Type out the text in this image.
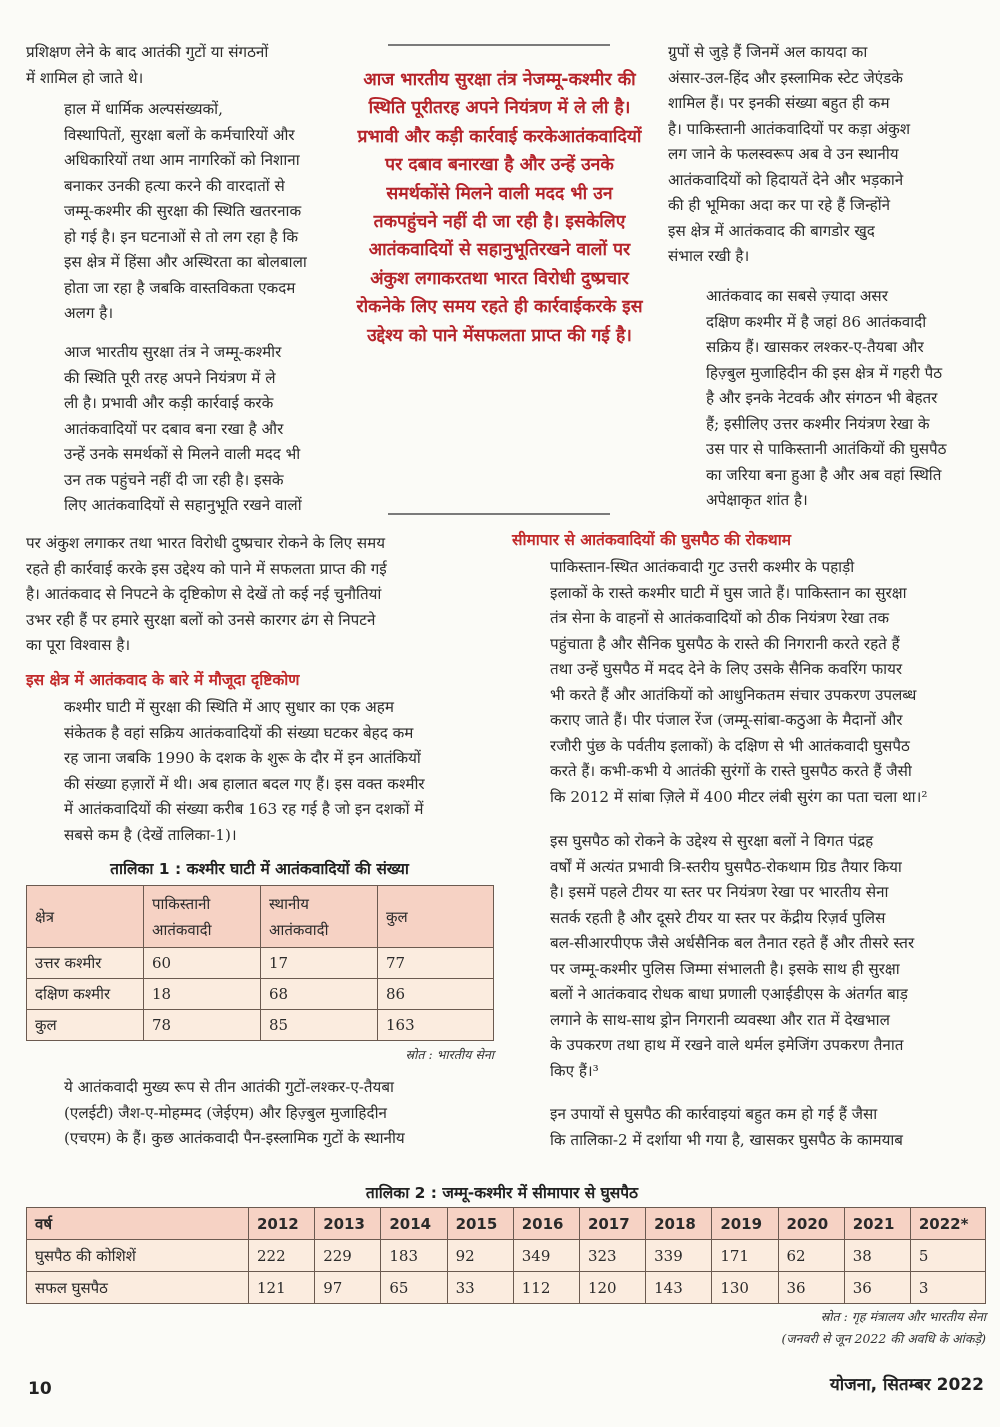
प्रशिक्षण लेने के बाद आतंकी गुटों या संगठनों
में शामिल हो जाते थे।
हाल में धार्मिक अल्पसंख्यकों,
विस्थापितों, सुरक्षा बलों के कर्मचारियों और
अधिकारियों तथा आम नागरिकों को निशाना
बनाकर उनकी हत्या करने की वारदातों से
जम्मू-कश्मीर की सुरक्षा की स्थिति खतरनाक
हो गई है। इन घटनाओं से तो लग रहा है कि
इस क्षेत्र में हिंसा और अस्थिरता का बोलबाला
होता जा रहा है जबकि वास्तविकता एकदम
अलग है।
आज भारतीय सुरक्षा तंत्र ने जम्मू-कश्मीर
की स्थिति पूरी तरह अपने नियंत्रण में ले
ली है। प्रभावी और कड़ी कार्रवाई करके
आतंकवादियों पर दबाव बना रखा है और
उन्हें उनके समर्थकों से मिलने वाली मदद भी
उन तक पहुंचने नहीं दी जा रही है। इसके
लिए आतंकवादियों से सहानुभूति रखने वालों
पर अंकुश लगाकर तथा भारत विरोधी दुष्प्रचार रोकने के लिए समय
रहते ही कार्रवाई करके इस उद्देश्य को पाने में सफलता प्राप्त की गई
है। आतंकवाद से निपटने के दृष्टिकोण से देखें तो कई नई चुनौतियां
उभर रही हैं पर हमारे सुरक्षा बलों को उनसे कारगर ढंग से निपटने
का पूरा विश्वास है।
इस क्षेत्र में आतंकवाद के बारे में मौजूदा दृष्टिकोण
कश्मीर घाटी में सुरक्षा की स्थिति में आए सुधार का एक अहम
संकेतक है वहां सक्रिय आतंकवादियों की संख्या घटकर बेहद कम
रह जाना जबकि 1990 के दशक के शुरू के दौर में इन आतंकियों
की संख्या हज़ारों में थी। अब हालात बदल गए हैं। इस वक्त कश्मीर
में आतंकवादियों की संख्या करीब 163 रह गई है जो इन दशकों में
सबसे कम है (देखें तालिका-1)।
तालिका 1 : कश्मीर घाटी में आतंकवादियों की संख्या
क्षेत्र	पाकिस्तानी आतंकवादी	स्थानीय आतंकवादी	कुल
उत्तर कश्मीर	60	17	77
दक्षिण कश्मीर	18	68	86
कुल	78	85	163
स्रोत : भारतीय सेना
ये आतंकवादी मुख्य रूप से तीन आतंकी गुटों-लश्कर-ए-तैयबा
(एलईटी) जैश-ए-मोहम्मद (जेईएम) और हिज़्बुल मुजाहिदीन
(एचएम) के हैं। कुछ आतंकवादी पैन-इस्लामिक गुटों के स्थानीय
आज भारतीय सुरक्षा तंत्र नेजम्मू-कश्मीर की स्थिति पूरीतरह अपने नियंत्रण में ले ली है।प्रभावी और कड़ी कार्रवाई करकेआतंकवादियों पर दबाव बनारखा है और उन्हें उनके समर्थकोंसे मिलने वाली मदद भी उन तकपहुंचने नहीं दी जा रही है। इसकेलिए आतंकवादियों से सहानुभूतिरखने वालों पर अंकुश लगाकरतथा भारत विरोधी दुष्प्रचार रोकनेके लिए समय रहते ही कार्रवाईकरके इस उद्देश्य को पाने मेंसफलता प्राप्त की गई है।
ग्रुपों से जुड़े हैं जिनमें अल कायदा का
अंसार-उल-हिंद और इस्लामिक स्टेट जेएंडके
शामिल हैं। पर इनकी संख्या बहुत ही कम
है। पाकिस्तानी आतंकवादियों पर कड़ा अंकुश
लग जाने के फलस्वरूप अब वे उन स्थानीय
आतंकवादियों को हिदायतें देने और भड़काने
की ही भूमिका अदा कर पा रहे हैं जिन्होंने
इस क्षेत्र में आतंकवाद की बागडोर खुद
संभाल रखी है।
आतंकवाद का सबसे ज़्यादा असर
दक्षिण कश्मीर में है जहां 86 आतंकवादी
सक्रिय हैं। खासकर लश्कर-ए-तैयबा और
हिज़्बुल मुजाहिदीन की इस क्षेत्र में गहरी पैठ
है और इनके नेटवर्क और संगठन भी बेहतर
हैं; इसीलिए उत्तर कश्मीर नियंत्रण रेखा के
उस पार से पाकिस्तानी आतंकियों की घुसपैठ
का जरिया बना हुआ है और अब वहां स्थिति
अपेक्षाकृत शांत है।
सीमापार से आतंकवादियों की घुसपैठ की रोकथाम
पाकिस्तान-स्थित आतंकवादी गुट उत्तरी कश्मीर के पहाड़ी
इलाकों के रास्ते कश्मीर घाटी में घुस जाते हैं। पाकिस्तान का सुरक्षा
तंत्र सेना के वाहनों से आतंकवादियों को ठीक नियंत्रण रेखा तक
पहुंचाता है और सैनिक घुसपैठ के रास्ते की निगरानी करते रहते हैं
तथा उन्हें घुसपैठ में मदद देने के लिए उसके सैनिक कवरिंग फायर
भी करते हैं और आतंकियों को आधुनिकतम संचार उपकरण उपलब्ध
कराए जाते हैं। पीर पंजाल रेंज (जम्मू-सांबा-कठुआ के मैदानों और
रजौरी पुंछ के पर्वतीय इलाकों) के दक्षिण से भी आतंकवादी घुसपैठ
करते हैं। कभी-कभी ये आतंकी सुरंगों के रास्ते घुसपैठ करते हैं जैसी
कि 2012 में सांबा ज़िले में 400 मीटर लंबी सुरंग का पता चला था।²
इस घुसपैठ को रोकने के उद्देश्य से सुरक्षा बलों ने विगत पंद्रह
वर्षों में अत्यंत प्रभावी त्रि-स्तरीय घुसपैठ-रोकथाम ग्रिड तैयार किया
है। इसमें पहले टीयर या स्तर पर नियंत्रण रेखा पर भारतीय सेना
सतर्क रहती है और दूसरे टीयर या स्तर पर केंद्रीय रिज़र्व पुलिस
बल-सीआरपीएफ जैसे अर्धसैनिक बल तैनात रहते हैं और तीसरे स्तर
पर जम्मू-कश्मीर पुलिस जिम्मा संभालती है। इसके साथ ही सुरक्षा
बलों ने आतंकवाद रोधक बाधा प्रणाली एआईडीएस के अंतर्गत बाड़
लगाने के साथ-साथ ड्रोन निगरानी व्यवस्था और रात में देखभाल
के उपकरण तथा हाथ में रखने वाले थर्मल इमेजिंग उपकरण तैनात
किए हैं।³
इन उपायों से घुसपैठ की कार्रवाइयां बहुत कम हो गई हैं जैसा
कि तालिका-2 में दर्शाया भी गया है, खासकर घुसपैठ के कामयाब
तालिका 2 : जम्मू-कश्मीर में सीमापार से घुसपैठ
वर्ष	2012	2013	2014	2015	2016	2017	2018	2019	2020	2021	2022*
घुसपैठ की कोशिशें	222	229	183	92	349	323	339	171	62	38	5
सफल घुसपैठ	121	97	65	33	112	120	143	130	36	36	3
स्रोत : गृह मंत्रालय और भारतीय सेना
(जनवरी से जून 2022 की अवधि के आंकड़े)
10	योजना, सितम्बर 2022
